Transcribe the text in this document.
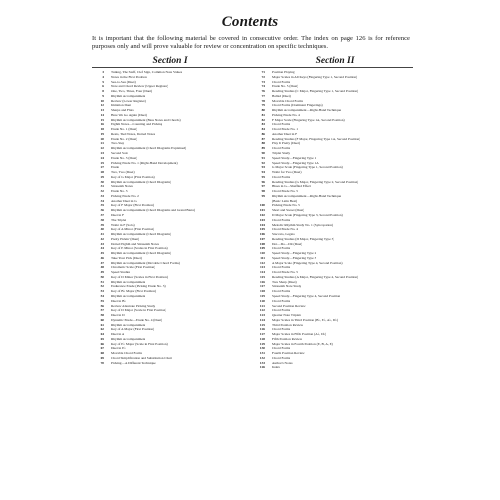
Contents
It is important that the following material be covered in consecutive order. The index on page 126 is for reference purposes only and will prove valuable for review or concentration on specific techniques.
Section I	Section II
3	Tuning, The Staff, Clef Sign, Common Note Values
4	Notes in the First Position
5	Sea-to-Sea (Duet)
6	Note and Chord Review (Upper Register)
8	One, Two, Three, Four (Duet)
9	Rhythm Accompaniment
10	Review (Lower Register)
12	Imitation Duet
13	Sharps and Flats
14	Here We Go Again (Duet)
15	Rhythm Accompaniment (Bass Notes and Chords)
16	Eighth Notes—Counting and Picking
18	Etude No. 1 (Duet)
19	Rests, Tied Notes, Dotted Notes
20	Etude No. 2 (Duet)
21	Two-Step
22	Rhythm Accompaniment (Chord Diagrams Explained)
23	Second Solo
24	Etude No. 3 (Duet)
25	Picking Etude No. 1 (Right-Hand Development)
27	Etude
28	Two, Two (Duet)
29	Key of G Major (First Position)
30	Rhythm Accompaniment (Chord Diagrams)
31	Sixteenth Notes
32	Etude No. 3
33	Picking Etude No. 2
34	Another Duet in G
35	Key of F Major (First Position)
36	Rhythm Accompaniment (Chord Diagrams and Grand Barre)
37	Duet in F
38	The Triplet
39	Waltz in F (Solo)
40	Key of A Minor (First Position)
41	Rhythm Accompaniment (Chord Diagrams)
42	Pretty Pickin' (Duet)
43	Dotted Eighth and Sixteenth Notes
44	Key of E Minor (Scales in First Position)
45	Rhythm Accompaniment (Chord Diagrams)
46	Take Your Pick (Duet)
47	Rhythm Accompaniment (Movable Chord Forms)
48	Chromatic Scale (First Position)
49	Speed Studies
50	Key of D Minor (Scales in First Position)
51	Rhythm Accompaniment
52	Endurance Etude (Picking Etude No. 3)
53	Key of B♭ Major (First Position)
54	Rhythm Accompaniment
55	Duet in B♭
56	Review Alternate Picking Study
57	Key of D Major (Scale in First Position)
58	Duet in D
60	Dynamic Etude—Etude No. 4 (Duet)
61	Rhythm Accompaniment
62	Key of A Major (First Position)
64	Duet in A
65	Rhythm Accompaniment
66	Key of E♭ Major (Scale in First Position)
67	Duet in E♭
68	Movable Chord Forms
69	Chord Simplification and Substitution Chart
70	Picking—A Different Technique
71	Position Playing
72	Major Scales in All Keys (Fingering Type 1, Second Position)
73	Chord Forms
74	Etude No. 5 (Duet)
76	Reading Studies (C Major, Fingering Type 1, Second Position)
77	Ballad (Duet)
78	Movable Chord Forms
79	Chord Forms (Dominant Fingerings)
80	Rhythm Accompaniment—Right-Hand Technique
81	Picking Etude No. 4
82	F Major Scale (Fingering Type 1A, Second Position)
83	Chord Forms
84	Chord Etude No. 1
86	Another Duet in F
87	Reading Studies (F Major, Fingering Type 1A, Second Position)
88	Play It Pretty (Duet)
89	Chord Forms
90	Triplet Study
91	Speed Study—Fingering Type 1
92	Speed Study—Fingering Type 1A
93	G Major Scale (Fingering Type 1, Second Position)
94	Waltz for Two (Duet)
95	Chord Forms
96	Reading Studies (G Major, Fingering Type 2, Second Position)
97	Blues in G—Shuffled Effect
98	Chord Etude No. 5
99	Rhythm Accompaniment—Right-Hand Technique
(Basic Latin Beat)
100	Picking Etude No. 5
101	Short and Sweet (Duet)
102	D Major Scale (Fingering Type 3, Second Position)
103	Chord Forms
104	Melodic Rhythm Study No. 1 (Syncopation)
105	Chord Etude No. 4
106	Staccato, Legato
107	Reading Studies (D Major, Fingering Type 3)
108	Dot—Do—Dit (Duet)
109	Chord Forms
110	Speed Study—Fingering Type 2
111	Speed Study—Fingering Type 3
112	A Major Scale (Fingering Type 4, Second Position)
113	Chord Forms
114	Chord Etude No. 5
115	Reading Studies (A Major, Fingering Type 4, Second Position)
116	Tres Sharp (Duet)
117	Sixteenth Note Study
118	Chord Forms
119	Speed Study—Fingering Type 4, Second Position
120	Chord Forms
121	Second Position Review
122	Chord Forms
123	Quarter Note Triplets
124	Major Scales in Third Position (B♭, E♭, A♭, D♭)
125	Third Position Review
126	Chord Forms
127	Major Scales in Fifth Position (A♭, D♭)
128	Fifth Position Review
129	Major Scales in Fourth Position (E, B, A, E)
130	Chord Forms
131	Fourth Position Review
132	Chord Forms
133	Author's Notes
126	Index
